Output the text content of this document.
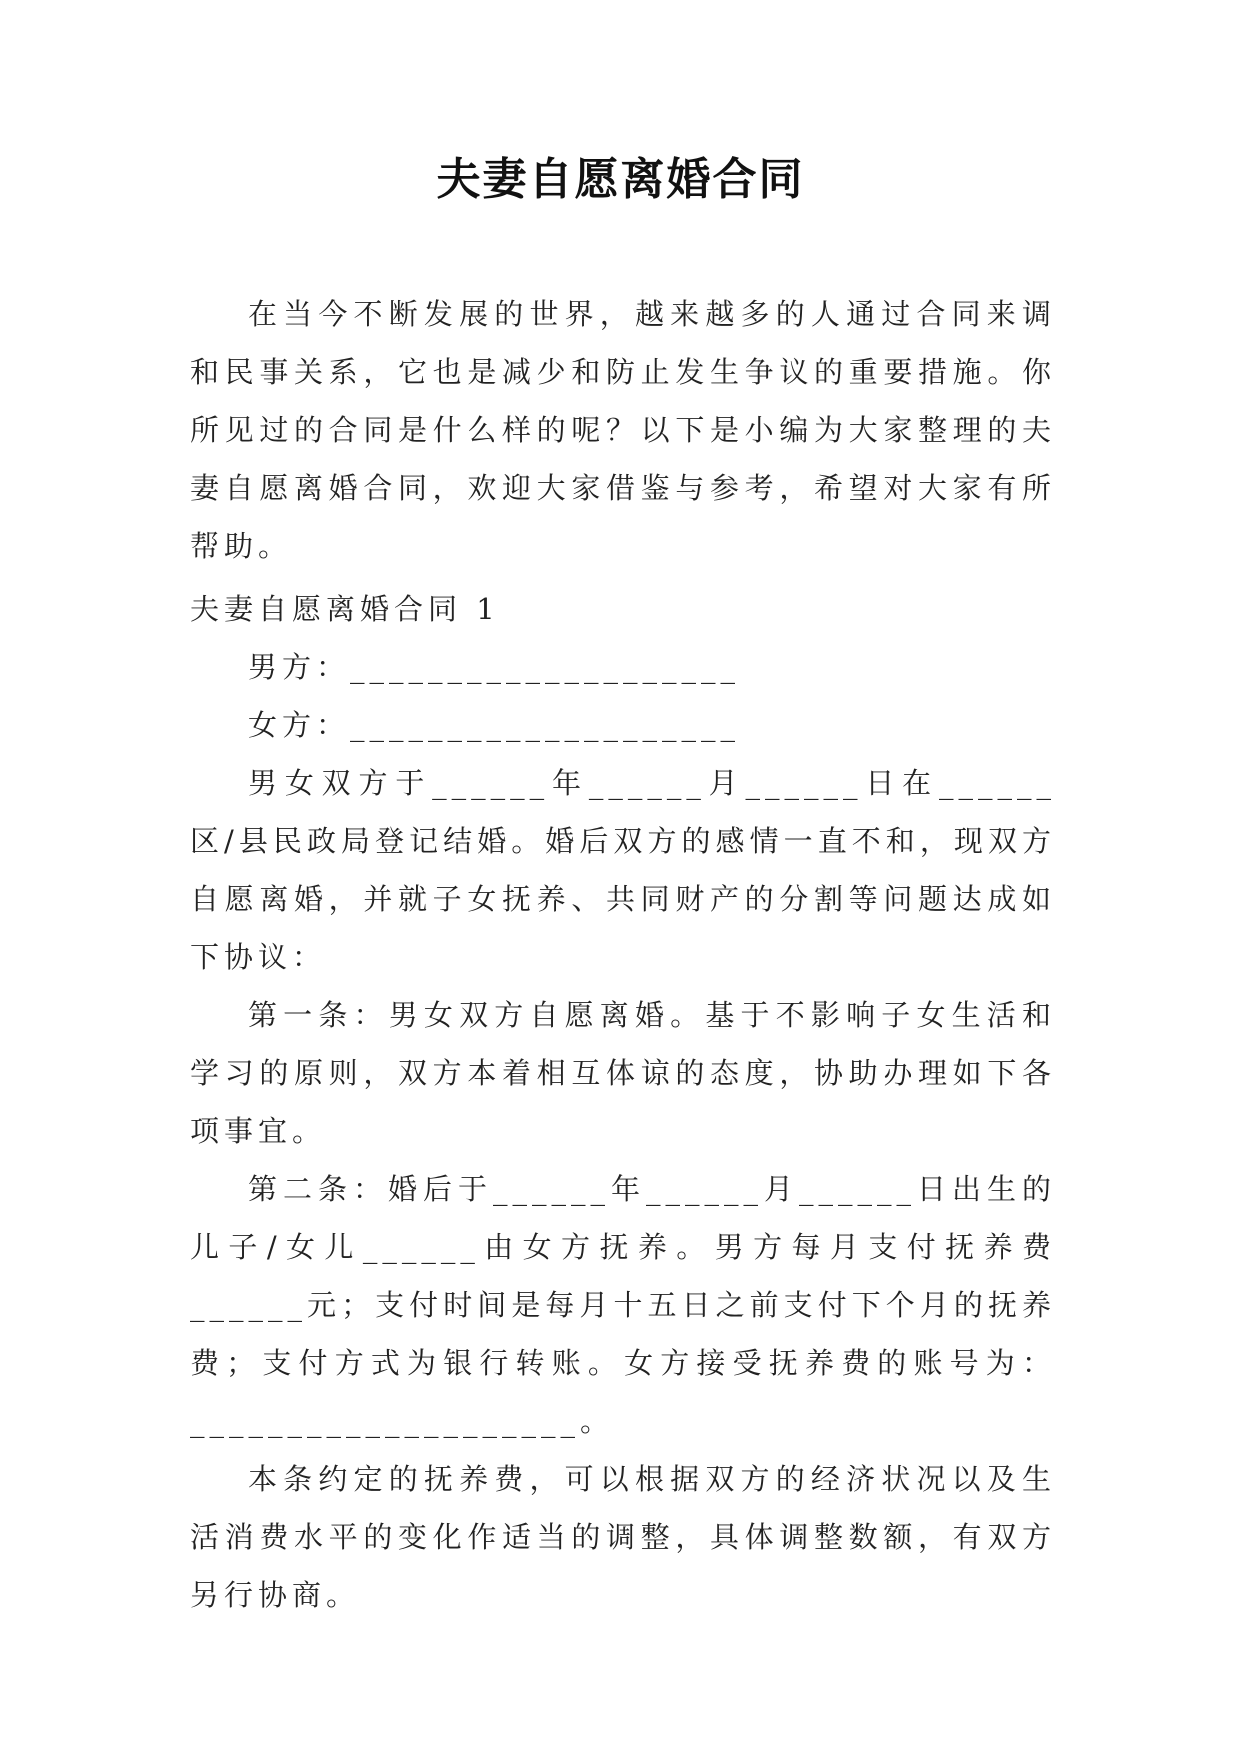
夫妻自愿离婚合同

在当今不断发展的世界，越来越多的人通过合同来调和民事关系，它也是减少和防止发生争议的重要措施。你所见过的合同是什么样的呢？以下是小编为大家整理的夫妻自愿离婚合同，欢迎大家借鉴与参考，希望对大家有所帮助。

夫妻自愿离婚合同 1

男方：____________________

女方：____________________

男女双方于______年______月______日在______区/县民政局登记结婚。婚后双方的感情一直不和，现双方自愿离婚，并就子女抚养、共同财产的分割等问题达成如下协议：

第一条：男女双方自愿离婚。基于不影响子女生活和学习的原则，双方本着相互体谅的态度，协助办理如下各项事宜。

第二条：婚后于______年______月______日出生的儿子/女儿______由女方抚养。男方每月支付抚养费______元；支付时间是每月十五日之前支付下个月的抚养费；支付方式为银行转账。女方接受抚养费的账号为：____________________。

本条约定的抚养费，可以根据双方的经济状况以及生活消费水平的变化作适当的调整，具体调整数额，有双方另行协商。
